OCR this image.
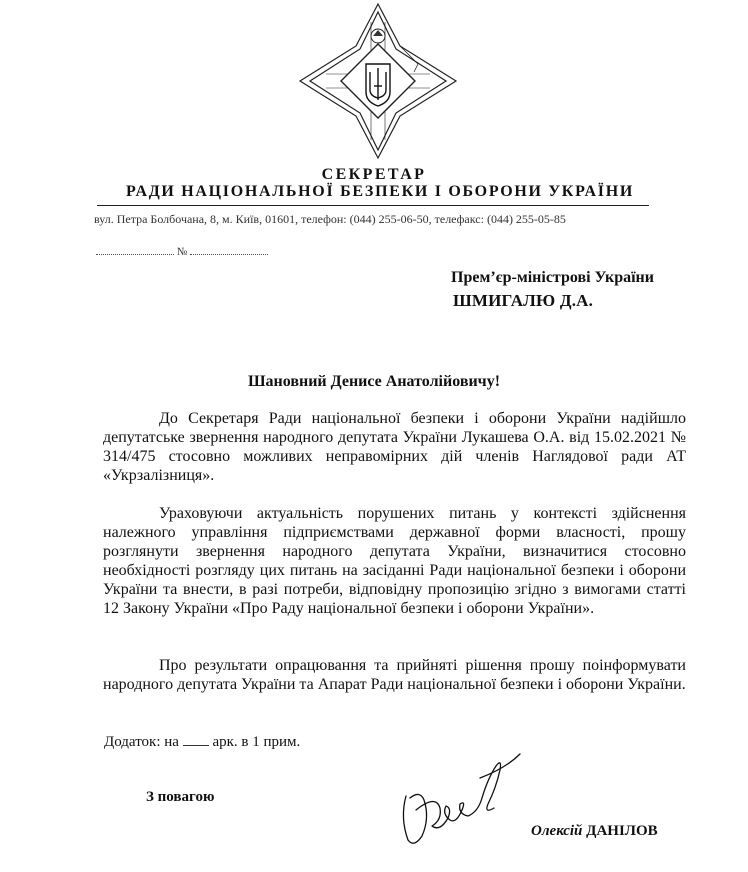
СЕКРЕТАР
РАДИ НАЦІОНАЛЬНОЇ БЕЗПЕКИ І ОБОРОНИ УКРАЇНИ
вул. Петра Болбочана, 8, м. Київ, 01601, телефон: (044) 255-06-50, телефакс: (044) 255-05-85
№
Прем’єр-міністрові України
ШМИГАЛЮ Д.А.
Шановний Денисе Анатолійовичу!

До Секретаря Ради національної безпеки і оборони України надійшло депутатське звернення народного депутата України Лукашева О.А. від 15.02.2021 № 314/475 стосовно можливих неправомірних дій членів Наглядової ради АТ «Укрзалізниця».

Ураховуючи актуальність порушених питань у контексті здійснення належного управління підприємствами державної форми власності, прошу розглянути звернення народного депутата України, визначитися стосовно необхідності розгляду цих питань на засіданні Ради національної безпеки і оборони України та внести, в разі потреби, відповідну пропозицію згідно з вимогами статті 12 Закону України «Про Раду національної безпеки і оборони України».

Про результати опрацювання та прийняті рішення прошу поінформувати народного депутата України та Апарат Ради національної безпеки і оборони України.

Додаток: на арк. в 1 прим.
З повагою
Олексій ДАНІЛОВ
